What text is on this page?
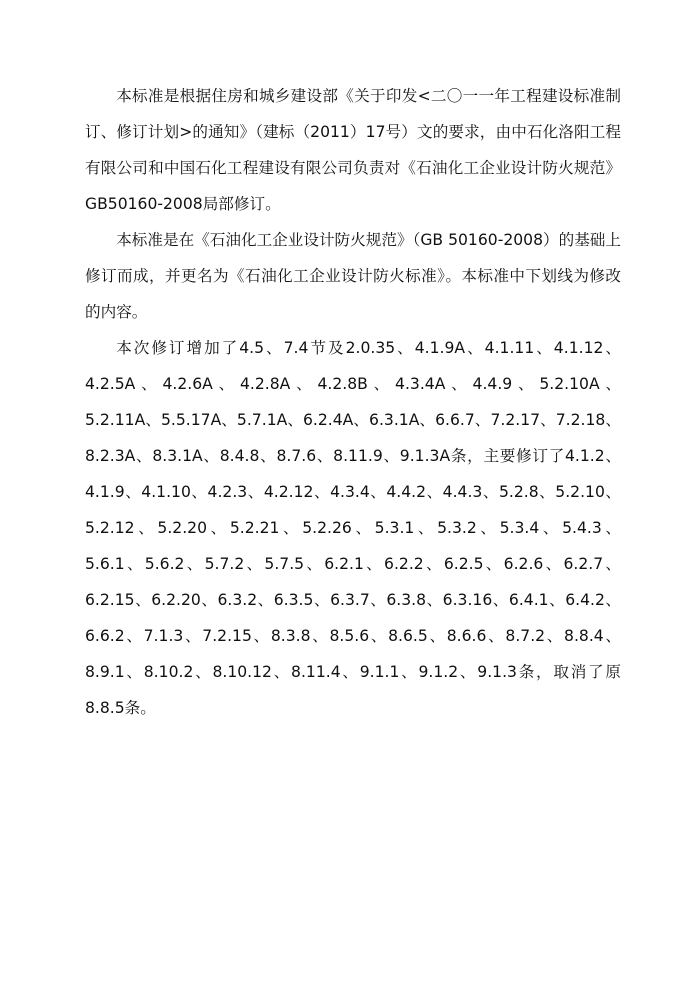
本标准是根据住房和城乡建设部《关于印发<二〇一一年工程建设标准制订、修订计划>的通知》（建标（2011）17号）文的要求，由中石化洛阳工程有限公司和中国石化工程建设有限公司负责对《石油化工企业设计防火规范》GB50160-2008局部修订。

本标准是在《石油化工企业设计防火规范》（GB 50160-2008）的基础上修订而成，并更名为《石油化工企业设计防火标准》。本标准中下划线为修改的内容。

本次修订增加了4.5、7.4节及2.0.35、4.1.9A、4.1.11、4.1.12、4.2.5A、4.2.6A、4.2.8A、4.2.8B、4.3.4A、4.4.9、5.2.10A、5.2.11A、5.5.17A、5.7.1A、6.2.4A、6.3.1A、6.6.7、7.2.17、7.2.18、8.2.3A、8.3.1A、8.4.8、8.7.6、8.11.9、9.1.3A条，主要修订了4.1.2、4.1.9、4.1.10、4.2.3、4.2.12、4.3.4、4.4.2、4.4.3、5.2.8、5.2.10、5.2.12、5.2.20、5.2.21、5.2.26、5.3.1、5.3.2、5.3.4、5.4.3、5.6.1、5.6.2、5.7.2、5.7.5、6.2.1、6.2.2、6.2.5、6.2.6、6.2.7、6.2.15、6.2.20、6.3.2、6.3.5、6.3.7、6.3.8、6.3.16、6.4.1、6.4.2、6.6.2、7.1.3、7.2.15、8.3.8、8.5.6、8.6.5、8.6.6、8.7.2、8.8.4、8.9.1、8.10.2、8.10.12、8.11.4、9.1.1、9.1.2、9.1.3条，取消了原8.8.5条。
